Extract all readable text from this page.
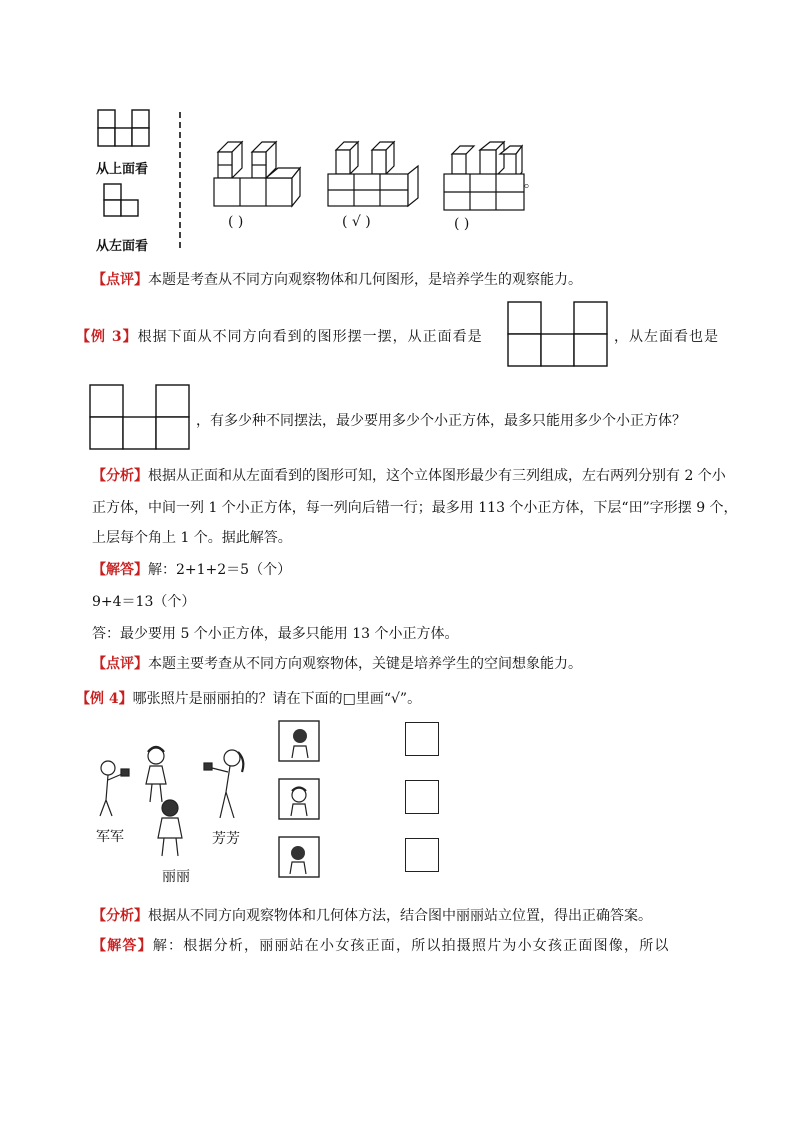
从上面看
从左面看
( )	( √ )	( )
。
【点评】本题是考查从不同方向观察物体和几何图形，是培养学生的观察能力。
【例 3】根据下面从不同方向看到的图形摆一摆，从正面看是	，从左面看也是
，有多少种不同摆法，最少要用多少个小正方体，最多只能用多少个小正方体？
【分析】根据从正面和从左面看到的图形可知，这个立体图形最少有三列组成，左右两列分别有 2 个小
正方体，中间一列 1 个小正方体，每一列向后错一行；最多用 113 个小正方体，下层“田”字形摆 9 个，
上层每个角上 1 个。据此解答。
【解答】解：2+1+2＝5（个）
9+4＝13（个）
答：最少要用 5 个小正方体，最多只能用 13 个小正方体。
【点评】本题主要考查从不同方向观察物体，关键是培养学生的空间想象能力。
【例 4】哪张照片是丽丽拍的？请在下面的□里画“√”。
军军	芳芳
丽丽
【分析】根据从不同方向观察物体和几何体方法，结合图中丽丽站立位置，得出正确答案。
【解答】解：根据分析，丽丽站在小女孩正面，所以拍摄照片为小女孩正面图像，所以
